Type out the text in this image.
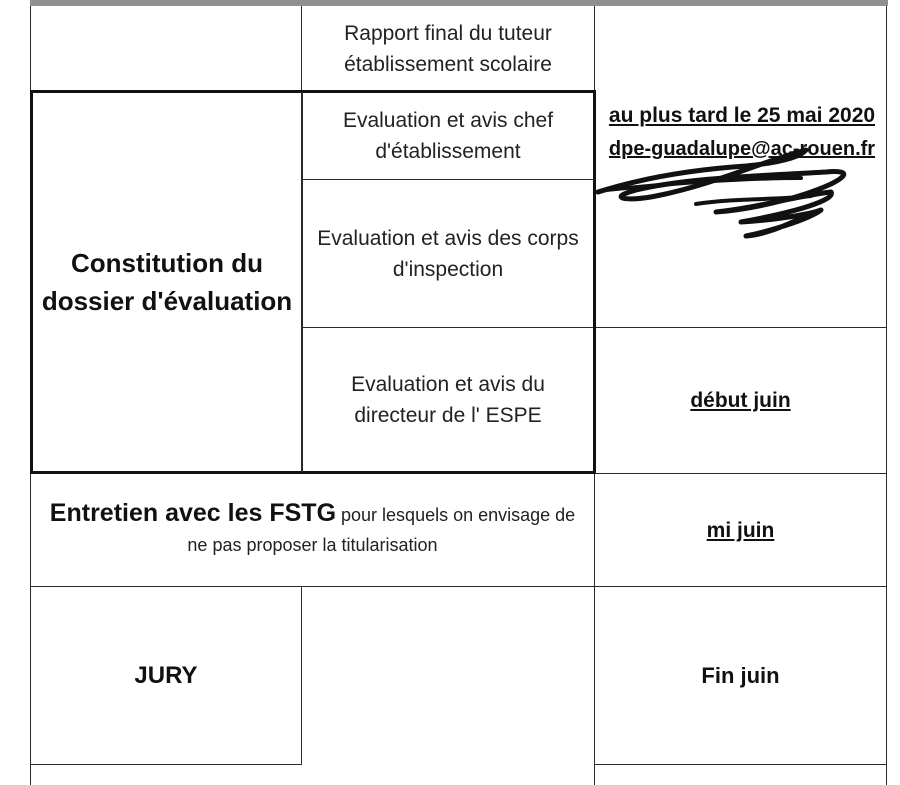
Rapport final du tuteur établissement scolaire
Constitution du dossier d'évaluation
Evaluation et avis chef d'établissement
Evaluation et avis des corps d'inspection
Evaluation et avis du directeur de l' ESPE
au plus tard le 25 mai 2020
dpe-guadalupe@ac-rouen.fr
début juin
Entretien avec les FSTG pour lesquels on envisage de ne pas proposer la titularisation
mi juin
JURY	Fin juin
